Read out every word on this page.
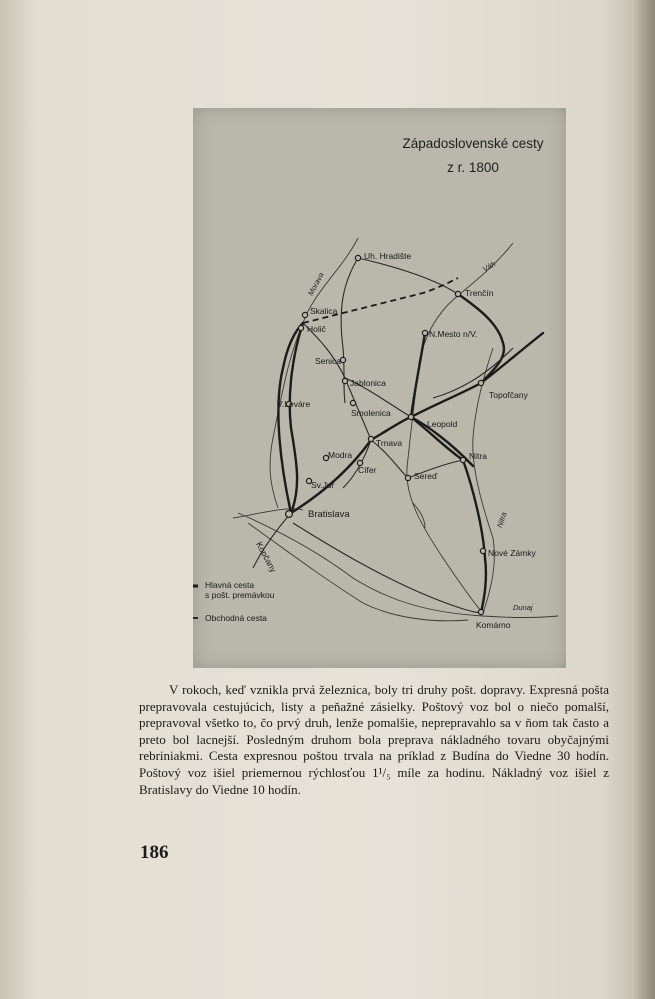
Západoslovenské cesty
z r. 1800
Uh. Hradište
Skalica
Holič
Senica
Jablonica
V.Leváre
Smolenica
Trnava
Modra
Cífer
Sv.Jur
Bratislava
Trenčín
N.Mesto n/V.
Topoľčany
Leopold
Nitra
Sereď
Nové Zámky
Komárno
Kopčany
Morava
Váh
Nitra
Dunaj
Hlavná cesta
s pošt. premávkou
Obchodná cesta

V rokoch, keď vznikla prvá železnica, boly tri druhy pošt. dopravy. Expresná pošta prepravovala cestujúcich, listy a peňažné zásielky. Poštový voz bol o niečo pomalší, prepravoval všetko to, čo prvý druh, lenže pomalšie, neprepravahlo sa v ňom tak často a preto bol lacnejší. Posledným druhom bola preprava nákladného tovaru obyčajnými rebriniakmi. Cesta expresnou poštou trvala na príklad z Budína do Viedne 30 hodín. Poštový voz išiel priemernou rýchlosťou 1¹/₅ míle za hodinu. Nákladný voz išiel z Bratislavy do Viedne 10 hodín.

186
